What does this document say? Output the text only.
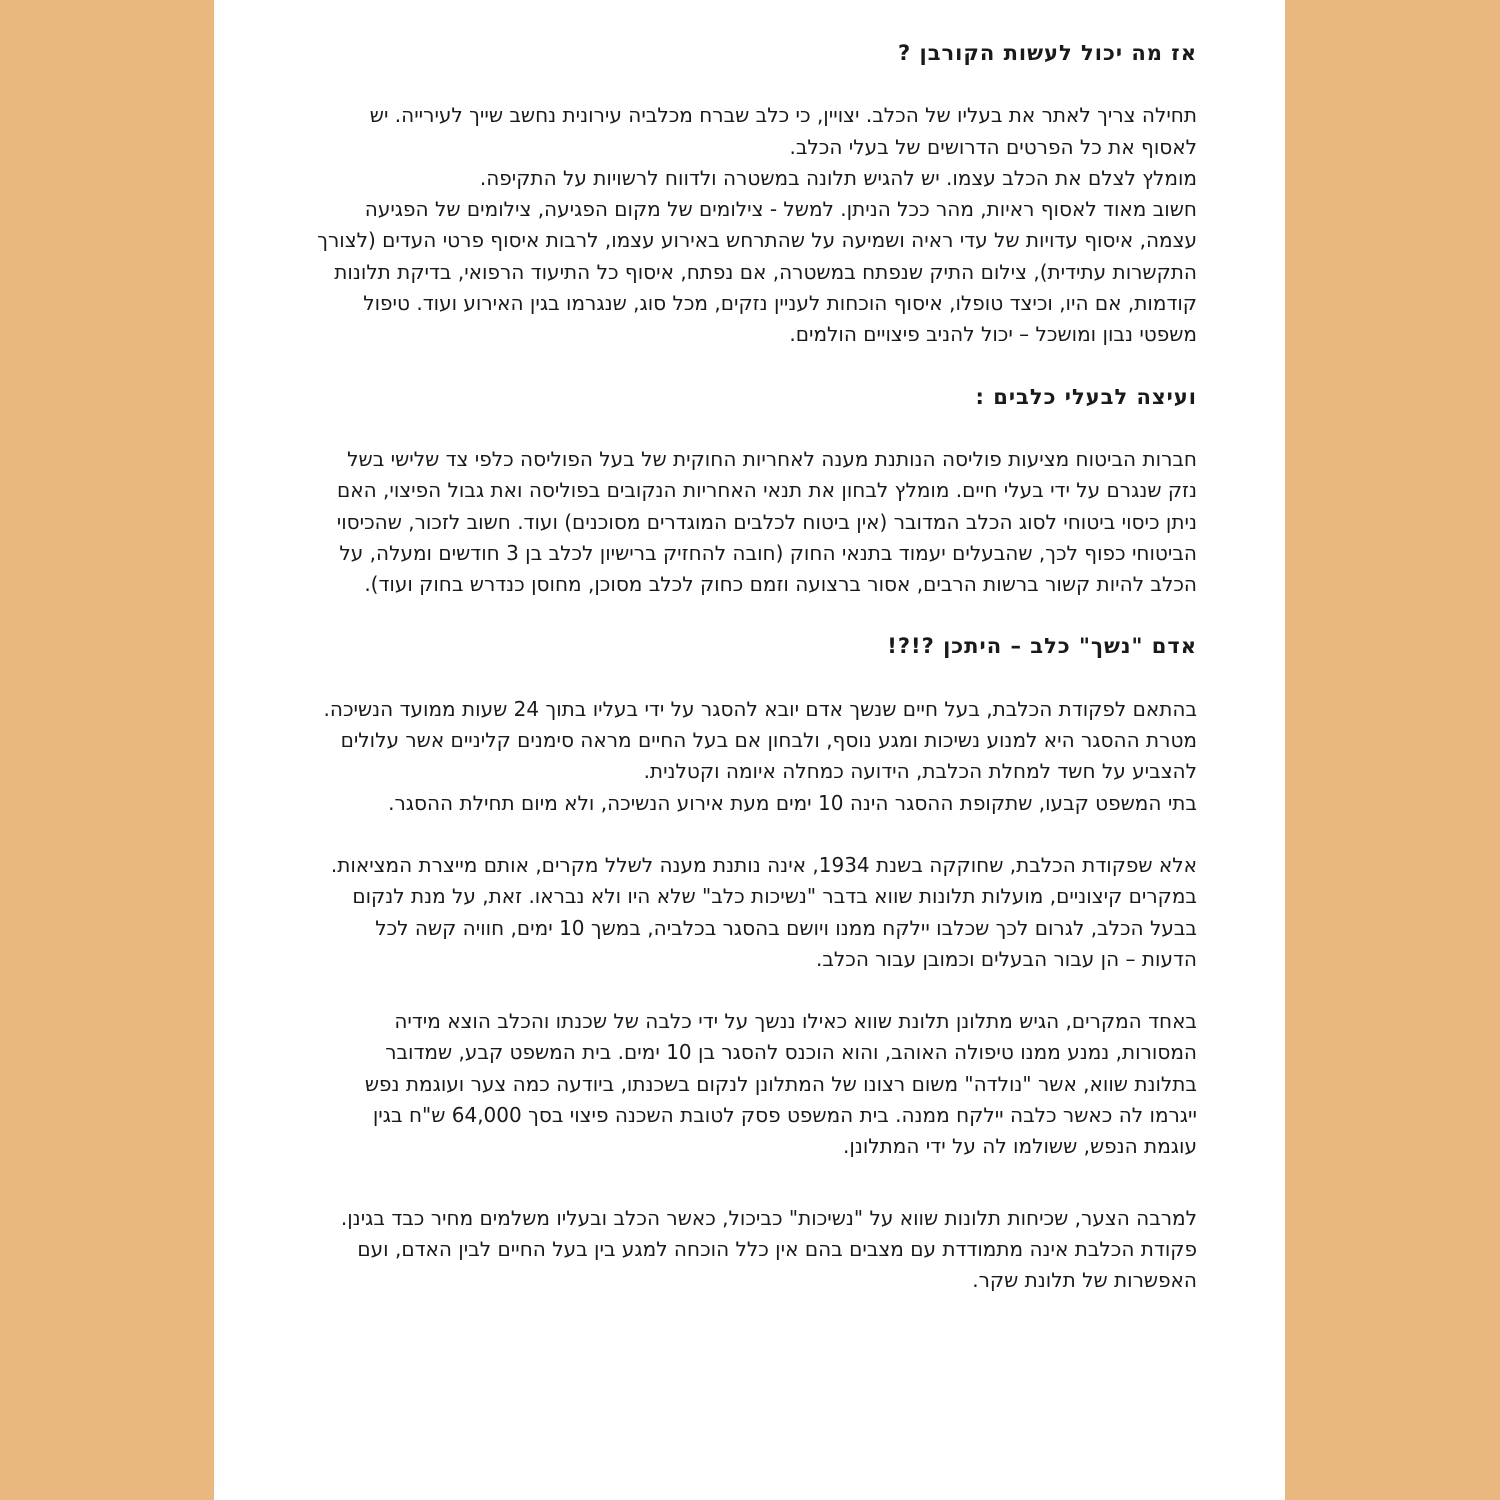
אז מה יכול לעשות הקורבן ?

תחילה צריך לאתר את בעליו של הכלב. יצויין, כי כלב שברח מכלביה עירונית נחשב שייך לעירייה. יש לאסוף את כל הפרטים הדרושים של בעלי הכלב.

מומלץ לצלם את הכלב עצמו. יש להגיש תלונה במשטרה ולדווח לרשויות על התקיפה.

חשוב מאוד לאסוף ראיות, מהר ככל הניתן. למשל - צילומים של מקום הפגיעה, צילומים של הפגיעה עצמה, איסוף עדויות של עדי ראיה ושמיעה על שהתרחש באירוע עצמו, לרבות איסוף פרטי העדים (לצורך התקשרות עתידית), צילום התיק שנפתח במשטרה, אם נפתח, איסוף כל התיעוד הרפואי, בדיקת תלונות קודמות, אם היו, וכיצד טופלו, איסוף הוכחות לעניין נזקים, מכל סוג, שנגרמו בגין האירוע ועוד. טיפול משפטי נבון ומושכל – יכול להניב פיצויים הולמים.

ועיצה לבעלי כלבים :

חברות הביטוח מציעות פוליסה הנותנת מענה לאחריות החוקית של בעל הפוליסה כלפי צד שלישי בשל נזק שנגרם על ידי בעלי חיים. מומלץ לבחון את תנאי האחריות הנקובים בפוליסה ואת גבול הפיצוי, האם ניתן כיסוי ביטוחי לסוג הכלב המדובר (אין ביטוח לכלבים המוגדרים מסוכנים) ועוד. חשוב לזכור, שהכיסוי הביטוחי כפוף לכך, שהבעלים יעמוד בתנאי החוק (חובה להחזיק ברישיון לכלב בן 3 חודשים ומעלה, על הכלב להיות קשור ברשות הרבים, אסור ברצועה וזמם כחוק לכלב מסוכן, מחוסן כנדרש בחוק ועוד).

אדם "נשך" כלב – היתכן ?!?!

בהתאם לפקודת הכלבת, בעל חיים שנשך אדם יובא להסגר על ידי בעליו בתוך 24 שעות ממועד הנשיכה. מטרת ההסגר היא למנוע נשיכות ומגע נוסף, ולבחון אם בעל החיים מראה סימנים קליניים אשר עלולים להצביע על חשד למחלת הכלבת, הידועה כמחלה איומה וקטלנית.

בתי המשפט קבעו, שתקופת ההסגר הינה 10 ימים מעת אירוע הנשיכה, ולא מיום תחילת ההסגר.

אלא שפקודת הכלבת, שחוקקה בשנת 1934, אינה נותנת מענה לשלל מקרים, אותם מייצרת המציאות. במקרים קיצוניים, מועלות תלונות שווא בדבר "נשיכות כלב" שלא היו ולא נבראו. זאת, על מנת לנקום בבעל הכלב, לגרום לכך שכלבו יילקח ממנו ויושם בהסגר בכלביה, במשך 10 ימים, חוויה קשה לכל הדעות – הן עבור הבעלים וכמובן עבור הכלב.

באחד המקרים, הגיש מתלונן תלונת שווא כאילו ננשך על ידי כלבה של שכנתו והכלב הוצא מידיה המסורות, נמנע ממנו טיפולה האוהב, והוא הוכנס להסגר בן 10 ימים. בית המשפט קבע, שמדובר בתלונת שווא, אשר "נולדה" משום רצונו של המתלונן לנקום בשכנתו, ביודעה כמה צער ועוגמת נפש ייגרמו לה כאשר כלבה יילקח ממנה. בית המשפט פסק לטובת השכנה פיצוי בסך 64,000 ש"ח בגין עוגמת הנפש, ששולמו לה על ידי המתלונן.

למרבה הצער, שכיחות תלונות שווא על "נשיכות" כביכול, כאשר הכלב ובעליו משלמים מחיר כבד בגינן. פקודת הכלבת אינה מתמודדת עם מצבים בהם אין כלל הוכחה למגע בין בעל החיים לבין האדם, ועם האפשרות של תלונת שקר.
